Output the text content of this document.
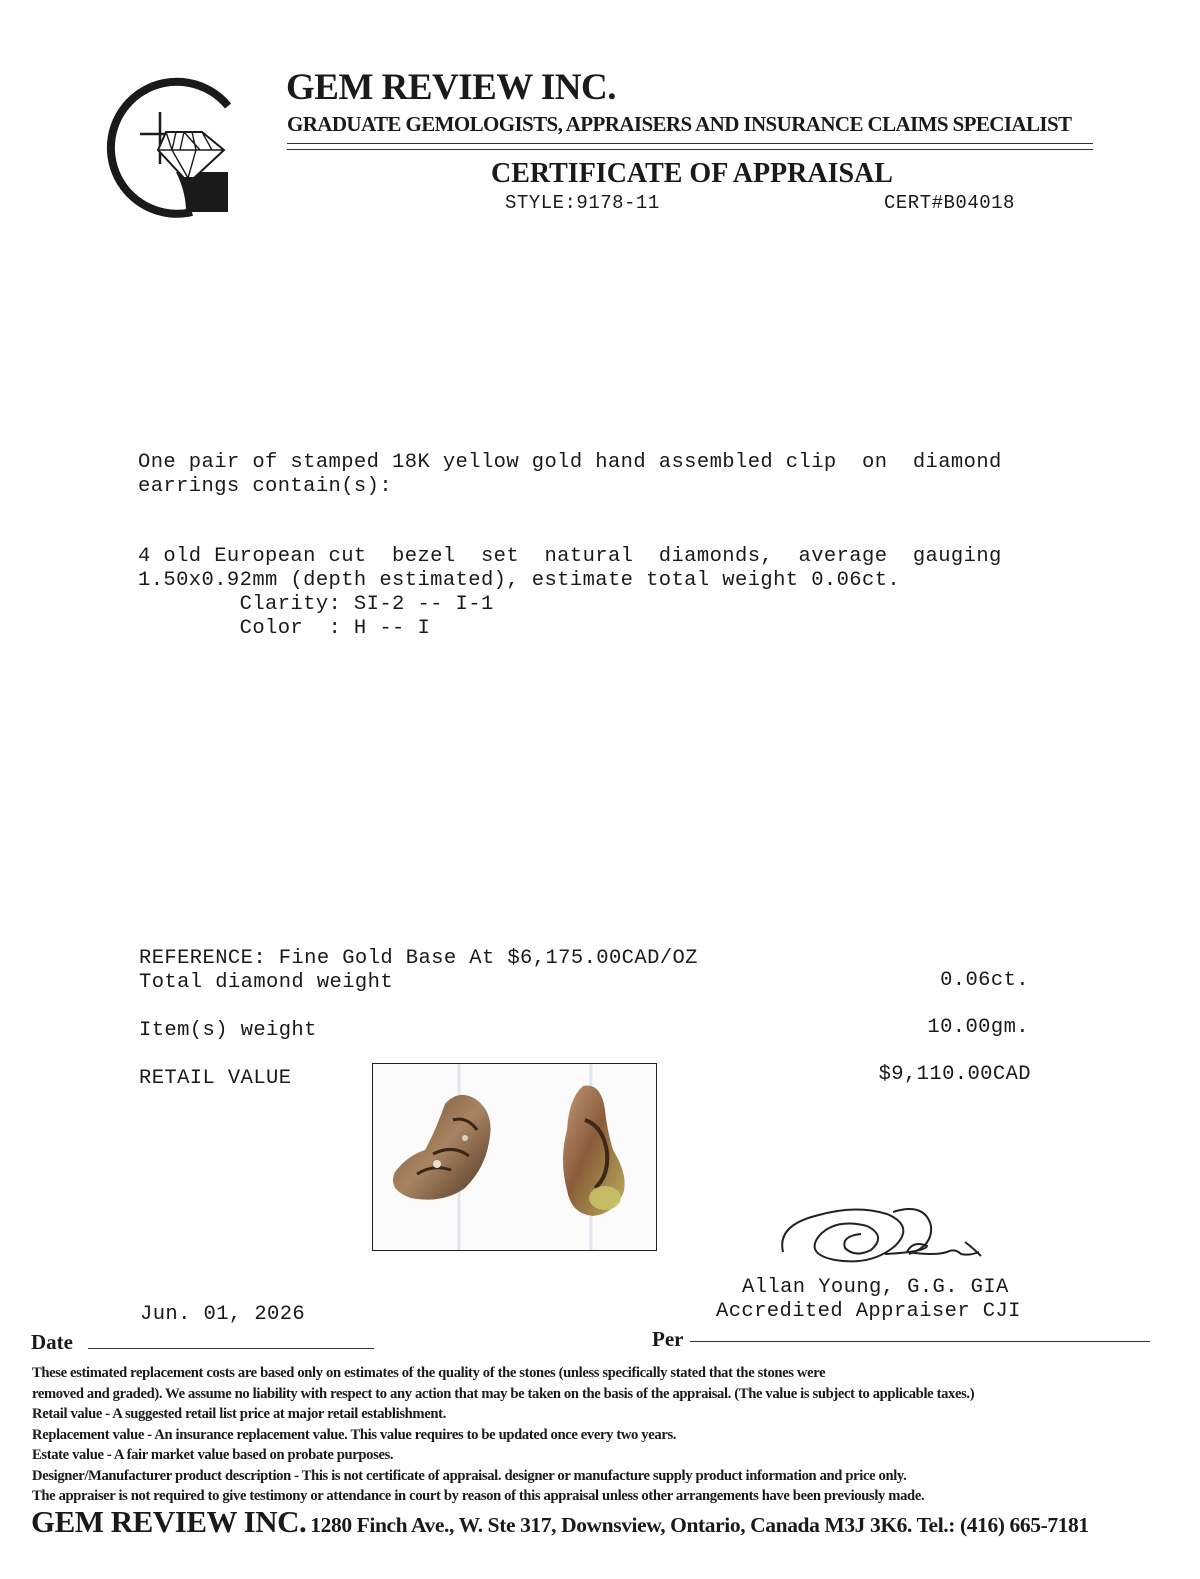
GEM REVIEW INC.
GRADUATE GEMOLOGISTS, APPRAISERS AND INSURANCE CLAIMS SPECIALIST
CERTIFICATE OF APPRAISAL
STYLE:9178-11	CERT#B04018
One pair of stamped 18K yellow gold hand assembled clip  on  diamond
earrings contain(s):
4 old European cut  bezel  set  natural  diamonds,  average  gauging
1.50x0.92mm (depth estimated), estimate total weight 0.06ct.
Clarity: SI-2 -- I-1
Color  : H -- I
REFERENCE: Fine Gold Base At $6,175.00CAD/OZ
Total diamond weight	0.06ct.
Item(s) weight	10.00gm.
RETAIL VALUE	$9,110.00CAD
Allan Young, G.G. GIA
Accredited Appraiser CJI
Jun. 01, 2026
Date	Per
These estimated replacement costs are based only on estimates of the quality of the stones (unless specifically stated that the stones were
removed and graded). We assume no liability with respect to any action that may be taken on the basis of the appraisal. (The value is subject to applicable taxes.)
Retail value - A suggested retail list price at major retail establishment.
Replacement value - An insurance replacement value. This value requires to be updated once every two years.
Estate value - A fair market value based on probate purposes.
Designer/Manufacturer product description - This is not certificate of appraisal. designer or manufacture supply product information and price only.
The appraiser is not required to give testimony or attendance in court by reason of this appraisal unless other arrangements have been previously made.
GEM REVIEW INC. 1280 Finch Ave., W. Ste 317, Downsview, Ontario, Canada M3J 3K6. Tel.: (416) 665-7181
